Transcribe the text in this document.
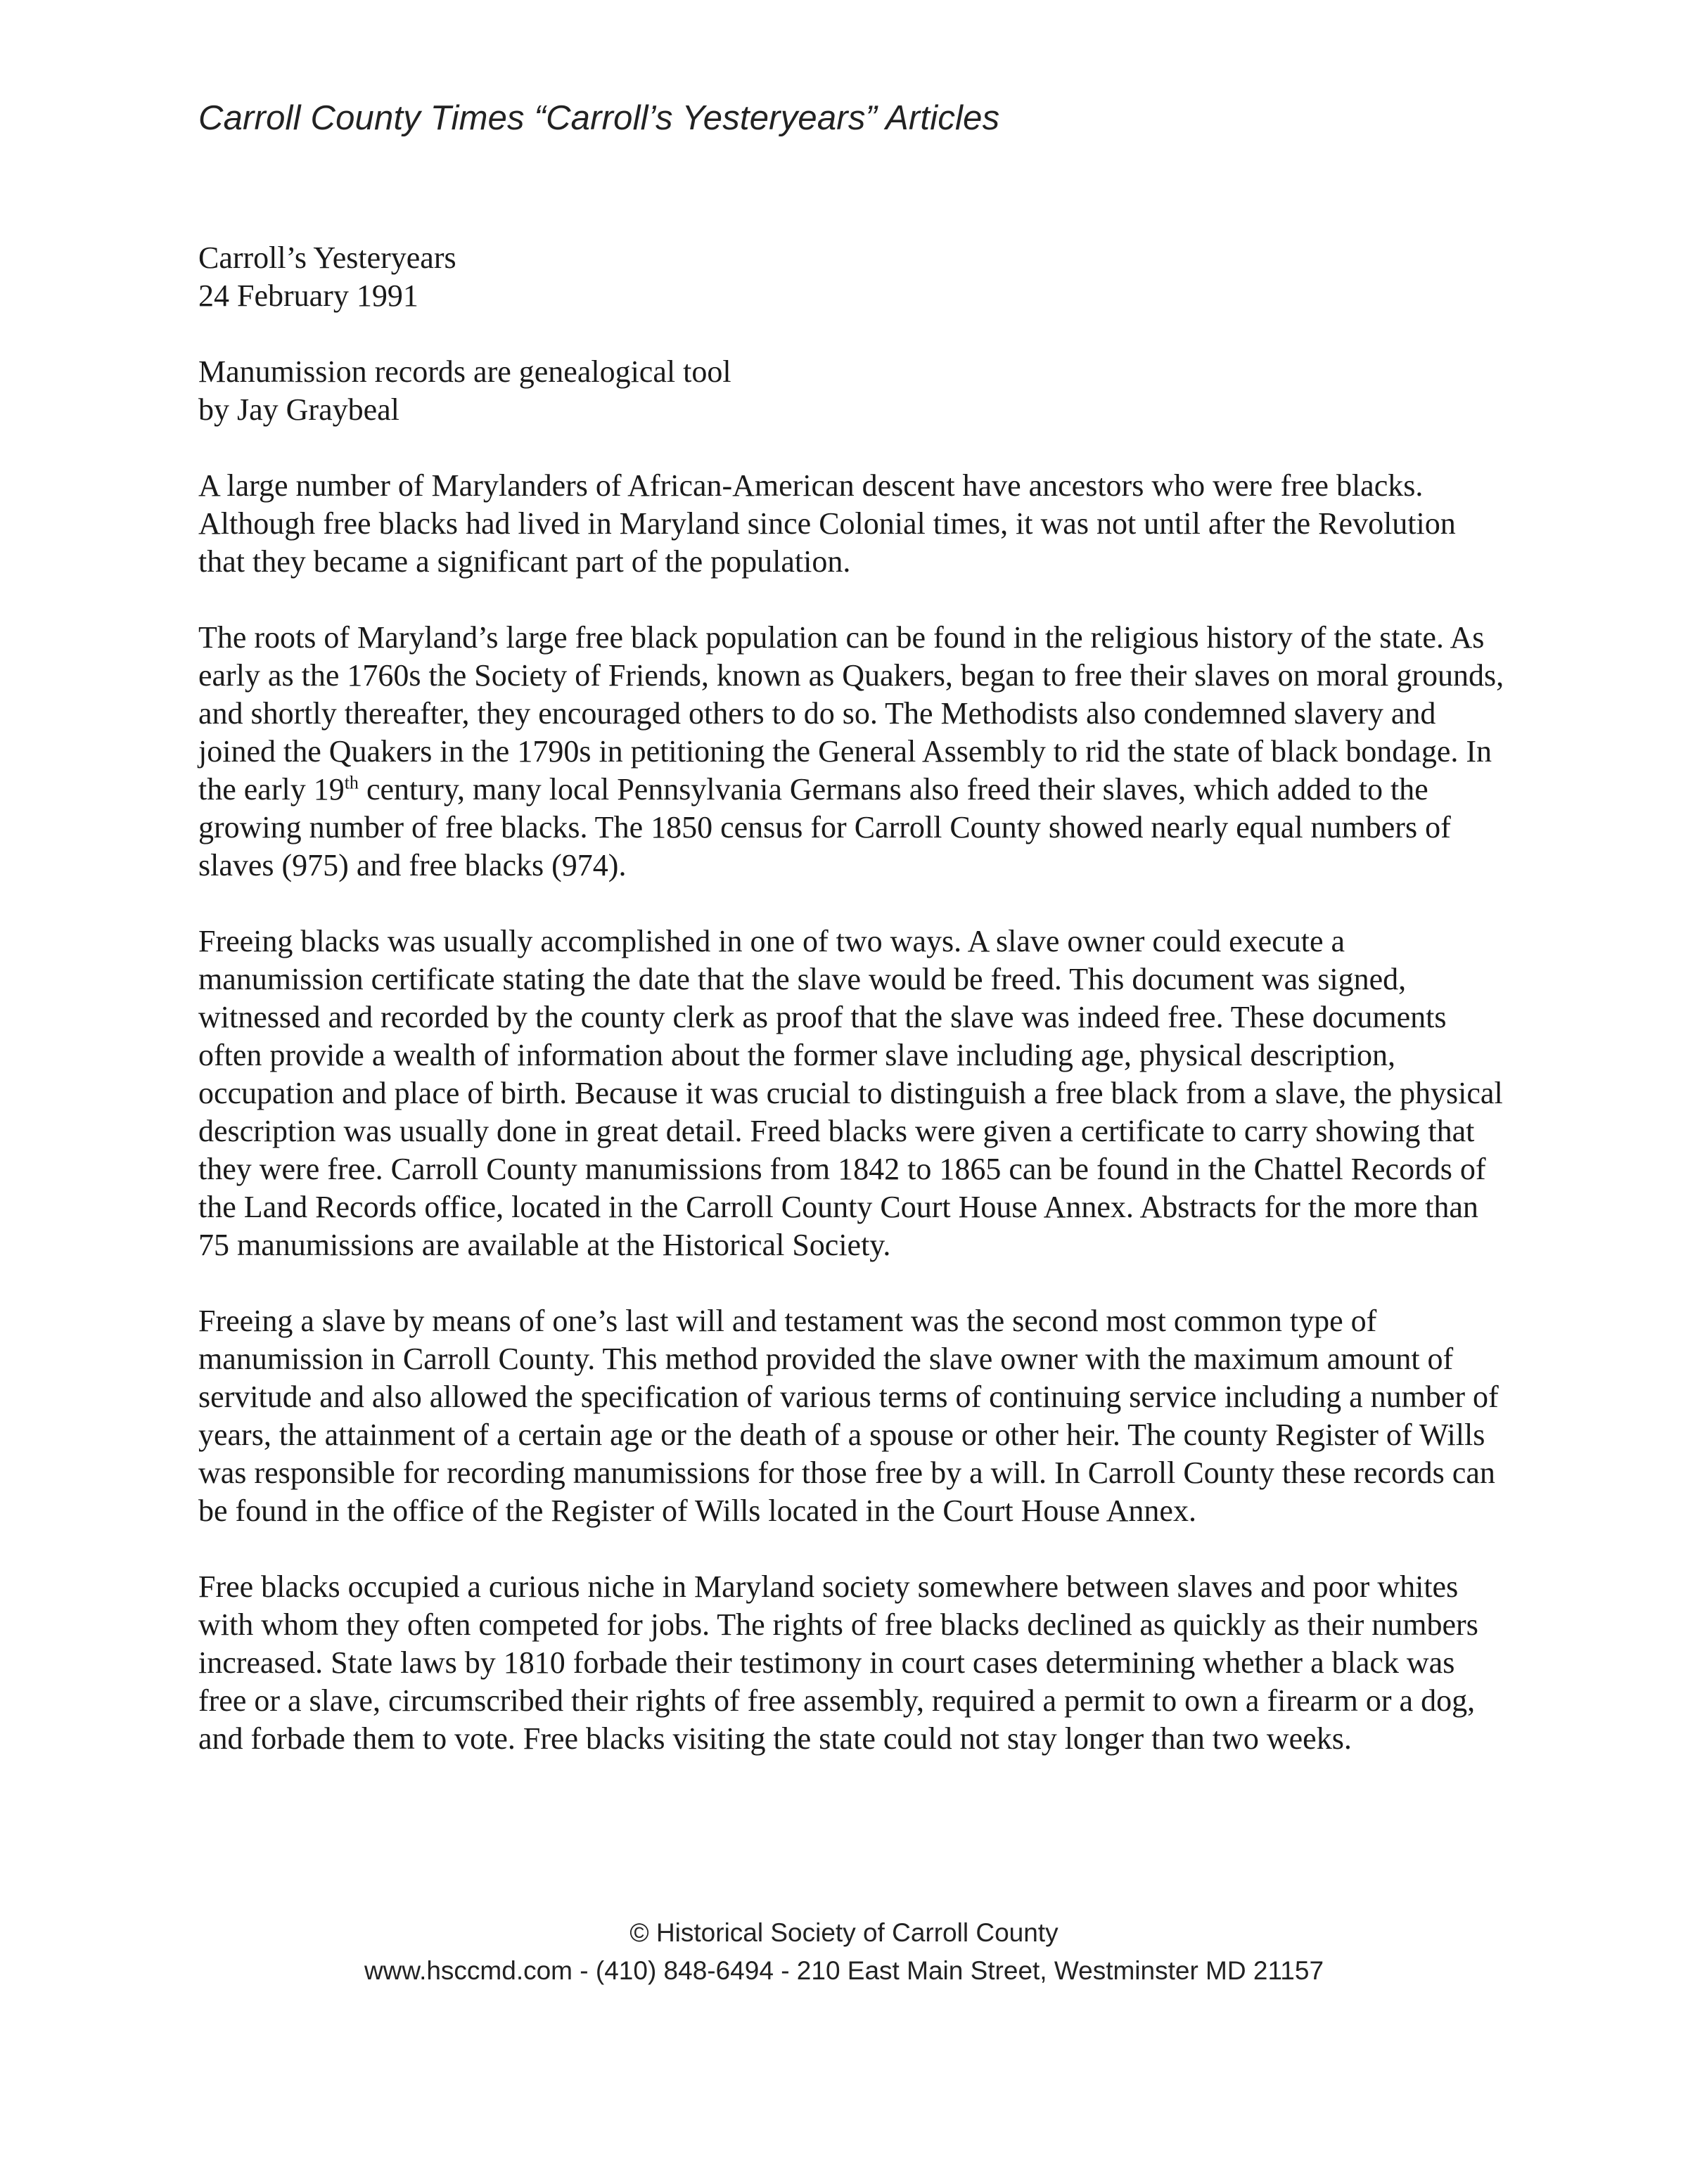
Carroll County Times “Carroll’s Yesteryears” Articles
Carroll’s Yesteryears
24 February 1991
Manumission records are genealogical tool
by Jay Graybeal

A large number of Marylanders of African-American descent have ancestors who were free blacks. Although free blacks had lived in Maryland since Colonial times, it was not until after the Revolution that they became a significant part of the population.

The roots of Maryland’s large free black population can be found in the religious history of the state. As early as the 1760s the Society of Friends, known as Quakers, began to free their slaves on moral grounds, and shortly thereafter, they encouraged others to do so. The Methodists also condemned slavery and joined the Quakers in the 1790s in petitioning the General Assembly to rid the state of black bondage. In the early 19th century, many local Pennsylvania Germans also freed their slaves, which added to the growing number of free blacks. The 1850 census for Carroll County showed nearly equal numbers of slaves (975) and free blacks (974).

Freeing blacks was usually accomplished in one of two ways. A slave owner could execute a manumission certificate stating the date that the slave would be freed. This document was signed, witnessed and recorded by the county clerk as proof that the slave was indeed free. These documents often provide a wealth of information about the former slave including age, physical description, occupation and place of birth. Because it was crucial to distinguish a free black from a slave, the physical description was usually done in great detail. Freed blacks were given a certificate to carry showing that they were free. Carroll County manumissions from 1842 to 1865 can be found in the Chattel Records of the Land Records office, located in the Carroll County Court House Annex. Abstracts for the more than 75 manumissions are available at the Historical Society.

Freeing a slave by means of one’s last will and testament was the second most common type of manumission in Carroll County. This method provided the slave owner with the maximum amount of servitude and also allowed the specification of various terms of continuing service including a number of years, the attainment of a certain age or the death of a spouse or other heir. The county Register of Wills was responsible for recording manumissions for those free by a will. In Carroll County these records can be found in the office of the Register of Wills located in the Court House Annex.

Free blacks occupied a curious niche in Maryland society somewhere between slaves and poor whites with whom they often competed for jobs. The rights of free blacks declined as quickly as their numbers increased. State laws by 1810 forbade their testimony in court cases determining whether a black was free or a slave, circumscribed their rights of free assembly, required a permit to own a firearm or a dog, and forbade them to vote. Free blacks visiting the state could not stay longer than two weeks.

© Historical Society of Carroll County
www.hsccmd.com - (410) 848-6494 - 210 East Main Street, Westminster MD 21157
